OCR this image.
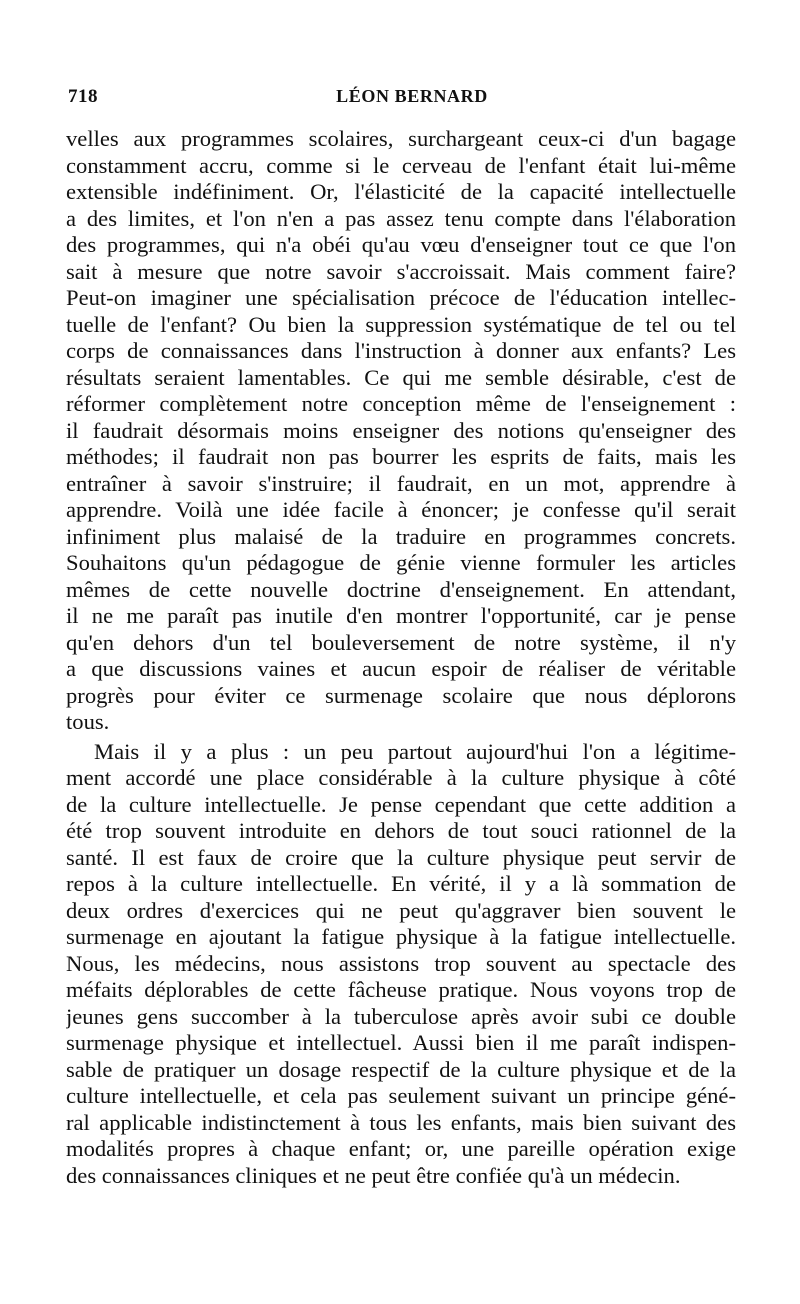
718	LÉON BERNARD
velles aux programmes scolaires, surchargeant ceux-ci d'un bagage
constamment accru, comme si le cerveau de l'enfant était lui-même
extensible indéfiniment. Or, l'élasticité de la capacité intellectuelle
a des limites, et l'on n'en a pas assez tenu compte dans l'élaboration
des programmes, qui n'a obéi qu'au vœu d'enseigner tout ce que l'on
sait à mesure que notre savoir s'accroissait. Mais comment faire?
Peut-on imaginer une spécialisation précoce de l'éducation intellec-
tuelle de l'enfant? Ou bien la suppression systématique de tel ou tel
corps de connaissances dans l'instruction à donner aux enfants? Les
résultats seraient lamentables. Ce qui me semble désirable, c'est de
réformer complètement notre conception même de l'enseignement :
il faudrait désormais moins enseigner des notions qu'enseigner des
méthodes; il faudrait non pas bourrer les esprits de faits, mais les
entraîner à savoir s'instruire; il faudrait, en un mot, apprendre à
apprendre. Voilà une idée facile à énoncer; je confesse qu'il serait
infiniment plus malaisé de la traduire en programmes concrets.
Souhaitons qu'un pédagogue de génie vienne formuler les articles
mêmes de cette nouvelle doctrine d'enseignement. En attendant,
il ne me paraît pas inutile d'en montrer l'opportunité, car je pense
qu'en dehors d'un tel bouleversement de notre système, il n'y
a que discussions vaines et aucun espoir de réaliser de véritable
progrès pour éviter ce surmenage scolaire que nous déplorons
tous.
Mais il y a plus : un peu partout aujourd'hui l'on a légitime-
ment accordé une place considérable à la culture physique à côté
de la culture intellectuelle. Je pense cependant que cette addition a
été trop souvent introduite en dehors de tout souci rationnel de la
santé. Il est faux de croire que la culture physique peut servir de
repos à la culture intellectuelle. En vérité, il y a là sommation de
deux ordres d'exercices qui ne peut qu'aggraver bien souvent le
surmenage en ajoutant la fatigue physique à la fatigue intellectuelle.
Nous, les médecins, nous assistons trop souvent au spectacle des
méfaits déplorables de cette fâcheuse pratique. Nous voyons trop de
jeunes gens succomber à la tuberculose après avoir subi ce double
surmenage physique et intellectuel. Aussi bien il me paraît indispen-
sable de pratiquer un dosage respectif de la culture physique et de la
culture intellectuelle, et cela pas seulement suivant un principe géné-
ral applicable indistinctement à tous les enfants, mais bien suivant des
modalités propres à chaque enfant; or, une pareille opération exige
des connaissances cliniques et ne peut être confiée qu'à un médecin.
